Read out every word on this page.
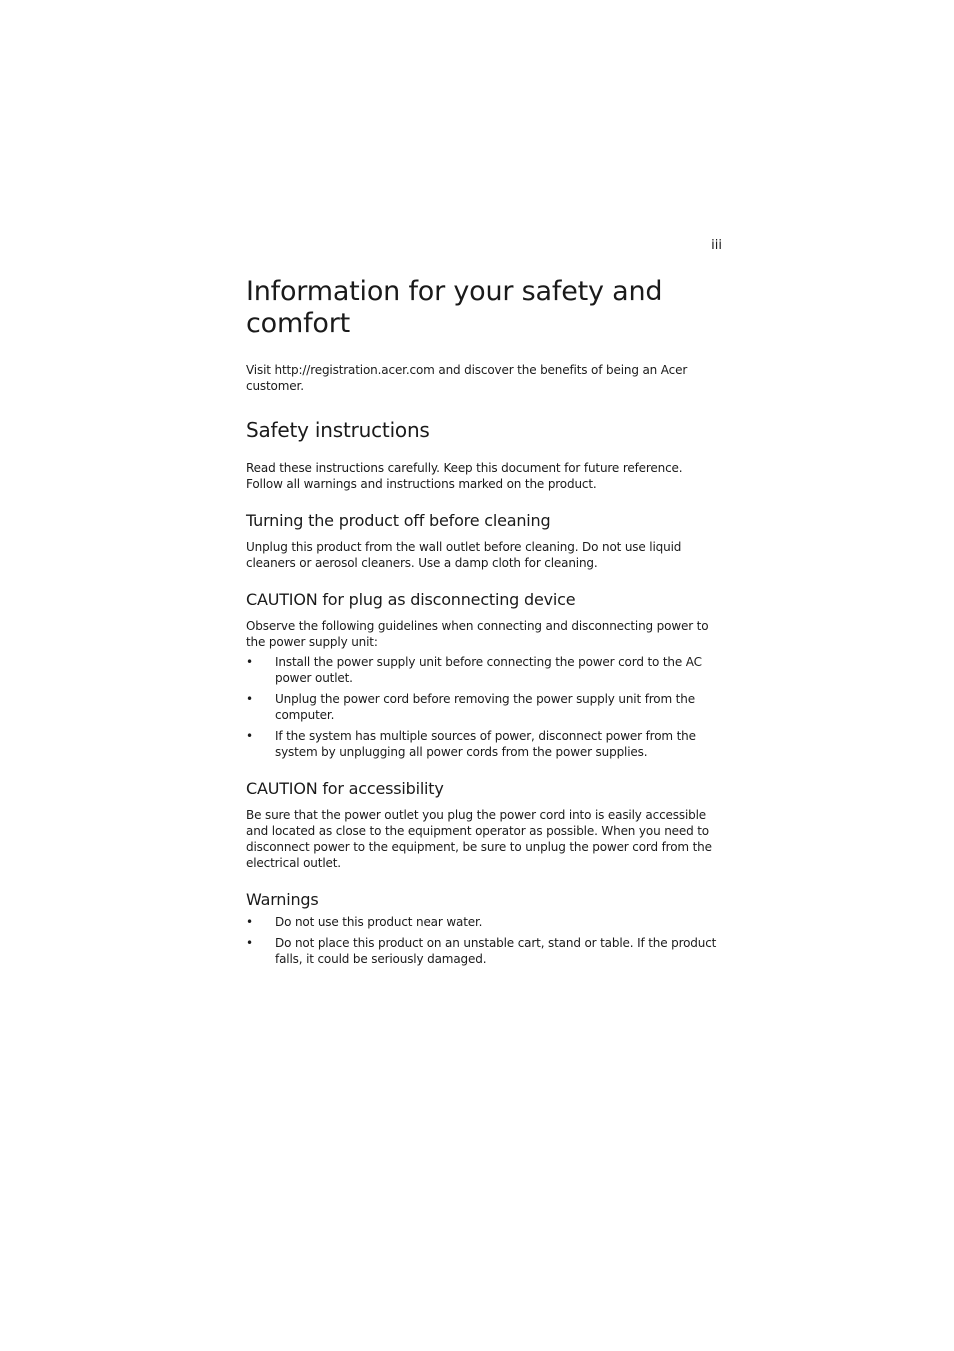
iii
Information for your safety and comfort

Visit http://registration.acer.com and discover the benefits of being an Acer customer.

Safety instructions

Read these instructions carefully. Keep this document for future reference. Follow all warnings and instructions marked on the product.

Turning the product off before cleaning

Unplug this product from the wall outlet before cleaning. Do not use liquid cleaners or aerosol cleaners. Use a damp cloth for cleaning.

CAUTION for plug as disconnecting device

Observe the following guidelines when connecting and disconnecting power to the power supply unit:

• Install the power supply unit before connecting the power cord to the AC power outlet.
• Unplug the power cord before removing the power supply unit from the computer.
• If the system has multiple sources of power, disconnect power from the system by unplugging all power cords from the power supplies.
CAUTION for accessibility

Be sure that the power outlet you plug the power cord into is easily accessible and located as close to the equipment operator as possible. When you need to disconnect power to the equipment, be sure to unplug the power cord from the electrical outlet.

Warnings
• Do not use this product near water.
• Do not place this product on an unstable cart, stand or table. If the product falls, it could be seriously damaged.
